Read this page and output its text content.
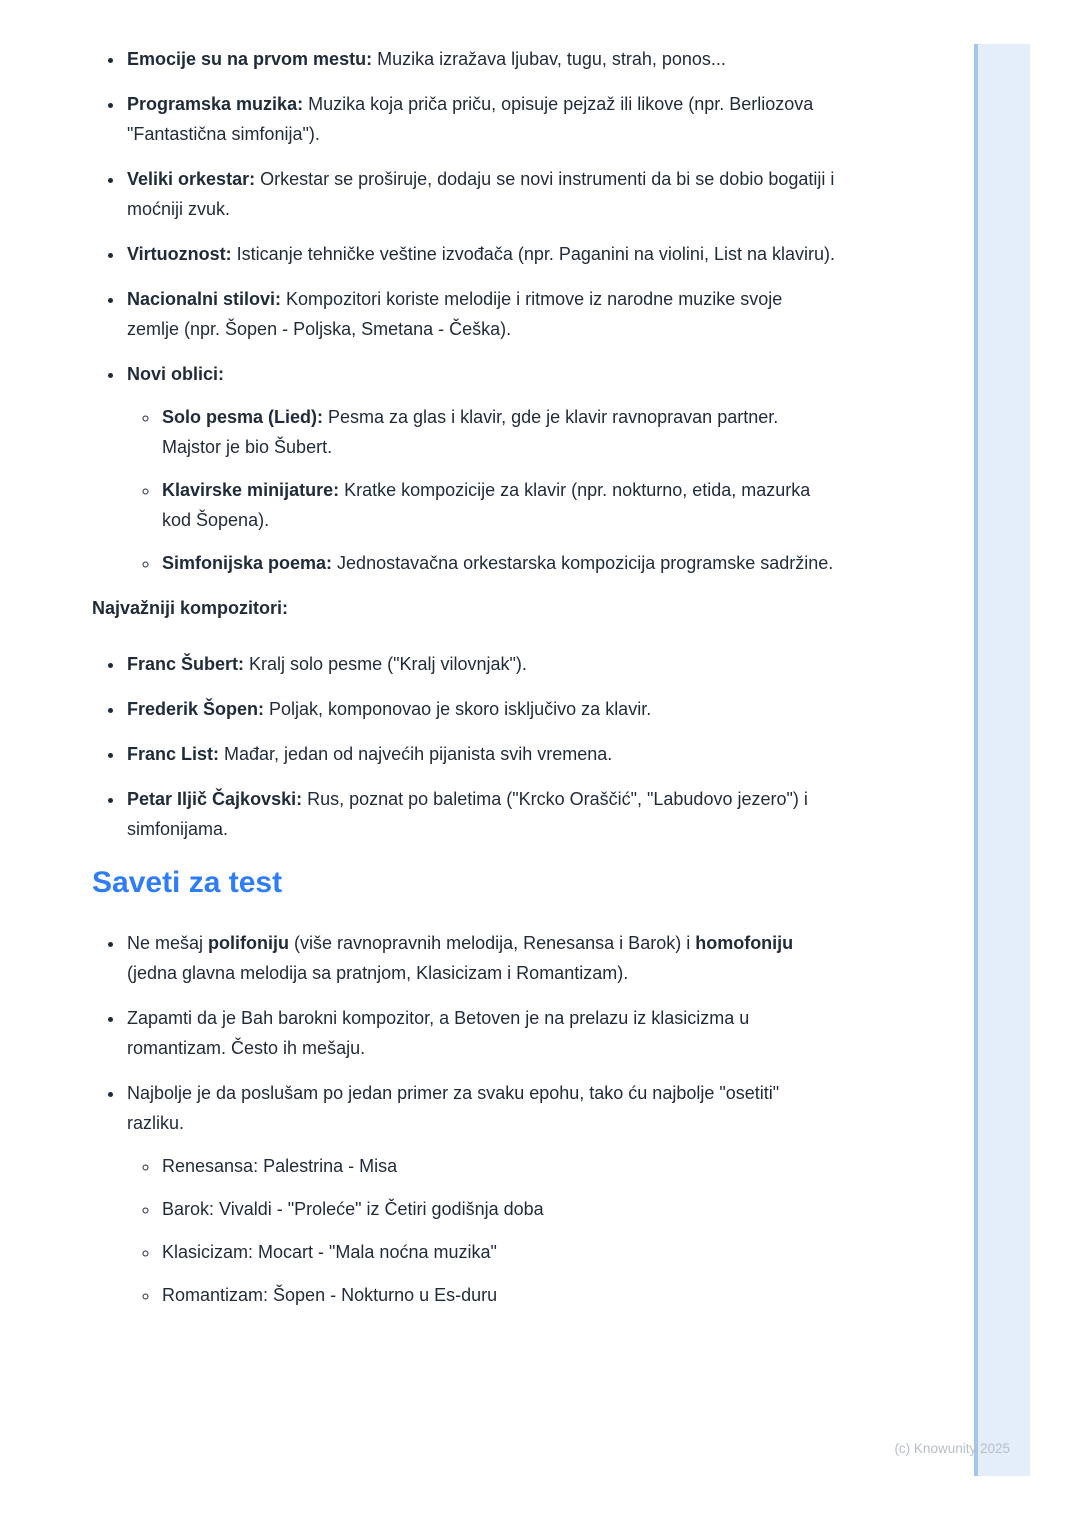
• Emocije su na prvom mestu: Muzika izražava ljubav, tugu, strah, ponos...
• Programska muzika: Muzika koja priča priču, opisuje pejzaž ili likove (npr. Berliozova "Fantastična simfonija").
• Veliki orkestar: Orkestar se proširuje, dodaju se novi instrumenti da bi se dobio bogatiji i moćniji zvuk.
• Virtuoznost: Isticanje tehničke veštine izvođača (npr. Paganini na violini, List na klaviru).
• Nacionalni stilovi: Kompozitori koriste melodije i ritmove iz narodne muzike svoje zemlje (npr. Šopen - Poljska, Smetana - Češka).
• Novi oblici:
◦ Solo pesma (Lied): Pesma za glas i klavir, gde je klavir ravnopravan partner. Majstor je bio Šubert.
◦ Klavirske minijature: Kratke kompozicije za klavir (npr. nokturno, etida, mazurka kod Šopena).
◦ Simfonijska poema: Jednostavačna orkestarska kompozicija programske sadržine.

Najvažniji kompozitori:

• Franc Šubert: Kralj solo pesme ("Kralj vilovnjak").
• Frederik Šopen: Poljak, komponovao je skoro isključivo za klavir.
• Franc List: Mađar, jedan od najvećih pijanista svih vremena.
• Petar Iljič Čajkovski: Rus, poznat po baletima ("Krcko Oraščić", "Labudovo jezero") i simfonijama.
Saveti za test
• Ne mešaj polifoniju (više ravnopravnih melodija, Renesansa i Barok) i homofoniju (jedna glavna melodija sa pratnjom, Klasicizam i Romantizam).
• Zapamti da je Bah barokni kompozitor, a Betoven je na prelazu iz klasicizma u romantizam. Često ih mešaju.
• Najbolje je da poslušam po jedan primer za svaku epohu, tako ću najbolje "osetiti" razliku.
◦ Renesansa: Palestrina - Misa
◦ Barok: Vivaldi - "Proleće" iz Četiri godišnja doba
◦ Klasicizam: Mocart - "Mala noćna muzika"
◦ Romantizam: Šopen - Nokturno u Es-duru
(c) Knowunity 2025
